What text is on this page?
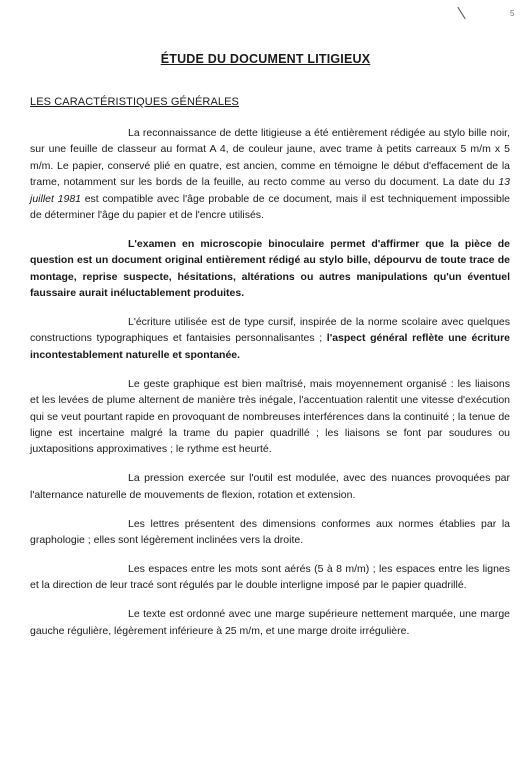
5
ÉTUDE DU DOCUMENT LITIGIEUX
LES CARACTÉRISTIQUES GÉNÉRALES

La reconnaissance de dette litigieuse a été entièrement rédigée au stylo bille noir, sur une feuille de classeur au format A 4, de couleur jaune, avec trame à petits carreaux 5 m/m x 5 m/m. Le papier, conservé plié en quatre, est ancien, comme en témoigne le début d'effacement de la trame, notamment sur les bords de la feuille, au recto comme au verso du document. La date du 13 juillet 1981 est compatible avec l'âge probable de ce document, mais il est techniquement impossible de déterminer l'âge du papier et de l'encre utilisés.

L'examen en microscopie binoculaire permet d'affirmer que la pièce de question est un document original entièrement rédigé au stylo bille, dépourvu de toute trace de montage, reprise suspecte, hésitations, altérations ou autres manipulations qu'un éventuel faussaire aurait inéluctablement produites.

L'écriture utilisée est de type cursif, inspirée de la norme scolaire avec quelques constructions typographiques et fantaisies personnalisantes ; l'aspect général reflète une écriture incontestablement naturelle et spontanée.

Le geste graphique est bien maîtrisé, mais moyennement organisé : les liaisons et les levées de plume alternent de manière très inégale, l'accentuation ralentit une vitesse d'exécution qui se veut pourtant rapide en provoquant de nombreuses interférences dans la continuité ; la tenue de ligne est incertaine malgré la trame du papier quadrillé ; les liaisons se font par soudures ou juxtapositions approximatives ; le rythme est heurté.

La pression exercée sur l'outil est modulée, avec des nuances provoquées par l'alternance naturelle de mouvements de flexion, rotation et extension.

Les lettres présentent des dimensions conformes aux normes établies par la graphologie ; elles sont légèrement inclinées vers la droite.

Les espaces entre les mots sont aérés (5 à 8 m/m) ; les espaces entre les lignes et la direction de leur tracé sont régulés par le double interligne imposé par le papier quadrillé.

Le texte est ordonné avec une marge supérieure nettement marquée, une marge gauche régulière, légèrement inférieure à 25 m/m, et une marge droite irrégulière.
